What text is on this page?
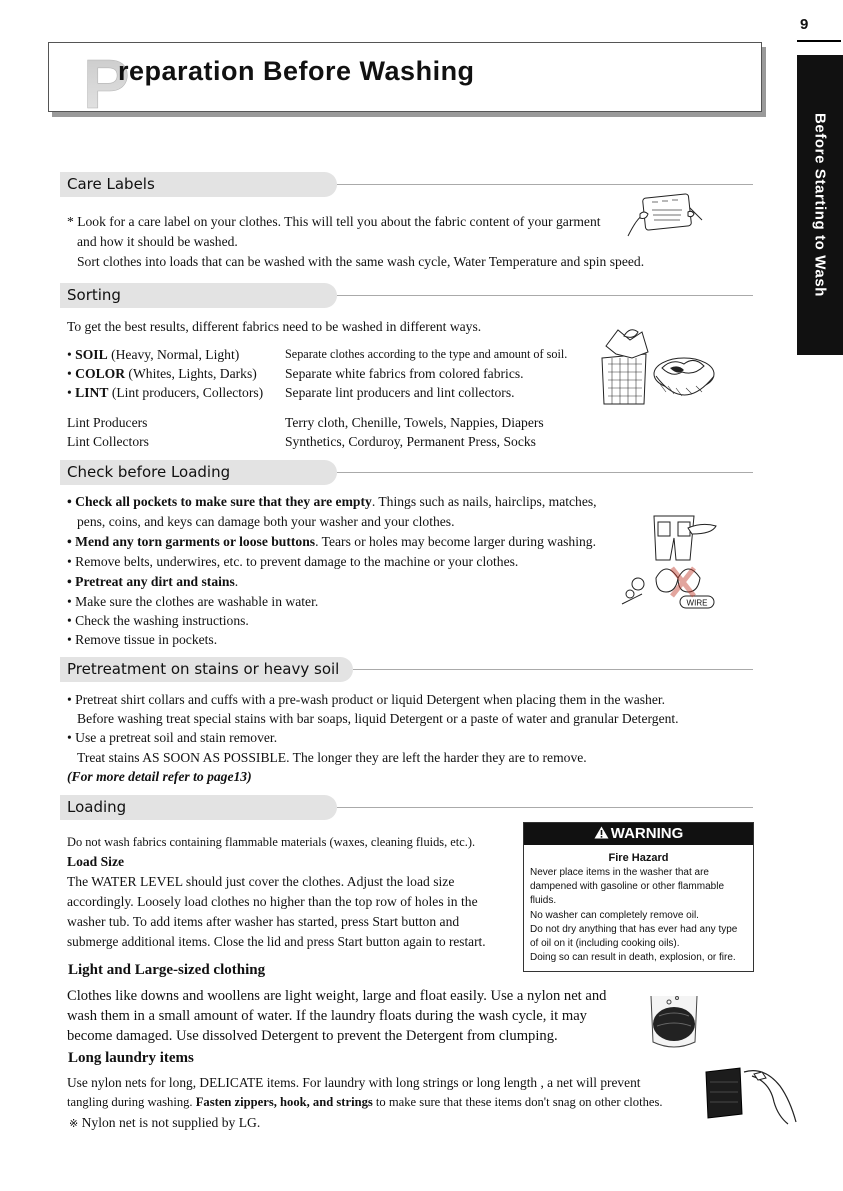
P
reparation Before Washing
9
Before Starting to Wash
Care Labels
* Look for a care label on your clothes. This will tell you about the fabric content of your garment
and how it should be washed.
Sort clothes into loads that can be washed with the same wash cycle, Water Temperature and spin speed.
Sorting
To get the best results, different fabrics need to be washed in different ways.
• SOIL (Heavy, Normal, Light)
• COLOR (Whites, Lights, Darks)
• LINT (Lint producers, Collectors)
Separate clothes according to the type and amount of soil.
Separate white fabrics from colored fabrics.
Separate lint producers and lint collectors.
Lint Producers	Terry cloth, Chenille, Towels, Nappies, Diapers
Lint Collectors	Synthetics, Corduroy, Permanent Press, Socks
Check before Loading
• Check all pockets to make sure that they are empty. Things such as nails, hairclips, matches,
pens, coins, and keys can damage both your washer and your clothes.
• Mend any torn garments or loose buttons. Tears or holes may become larger during washing.
• Remove belts, underwires, etc. to prevent damage to the machine or your clothes.
• Pretreat any dirt and stains.
• Make sure the clothes are washable in water.
• Check the washing instructions.
• Remove tissue in pockets.
WIRE
Pretreatment on stains or heavy soil
• Pretreat shirt collars and cuffs with a pre-wash product or liquid Detergent when placing them in the washer.
Before washing treat special stains with bar soaps, liquid Detergent or a paste of water and granular Detergent.
• Use a pretreat soil and stain remover.
Treat stains AS SOON AS POSSIBLE. The longer they are left the harder they are to remove.
(For more detail refer to page13)
Loading
Do not wash fabrics containing flammable materials (waxes, cleaning fluids, etc.).
Load Size
The WATER LEVEL should just cover the clothes. Adjust the load size
accordingly. Loosely load clothes no higher than the top row of holes in the
washer tub. To add items after washer has started, press Start button and
submerge additional items. Close the lid and press Start button again to restart.
WARNING
Fire Hazard
Never place items in the washer that are
dampened with gasoline or other flammable
fluids.
No washer can completely remove oil.
Do not dry anything that has ever had any type
of oil on it (including cooking oils).
Doing so can result in death, explosion, or fire.
Light and Large-sized clothing
Clothes like downs and woollens are light weight, large and float easily. Use a nylon net and
wash them in a small amount of water. If the laundry floats during the wash cycle, it may
become damaged. Use dissolved Detergent to prevent the Detergent from clumping.
Long laundry items
Use nylon nets for long, DELICATE items. For laundry with long strings or long length , a net will prevent
tangling during washing. Fasten zippers, hook, and strings to make sure that these items don't snag on other clothes.
※ Nylon net is not supplied by LG.
